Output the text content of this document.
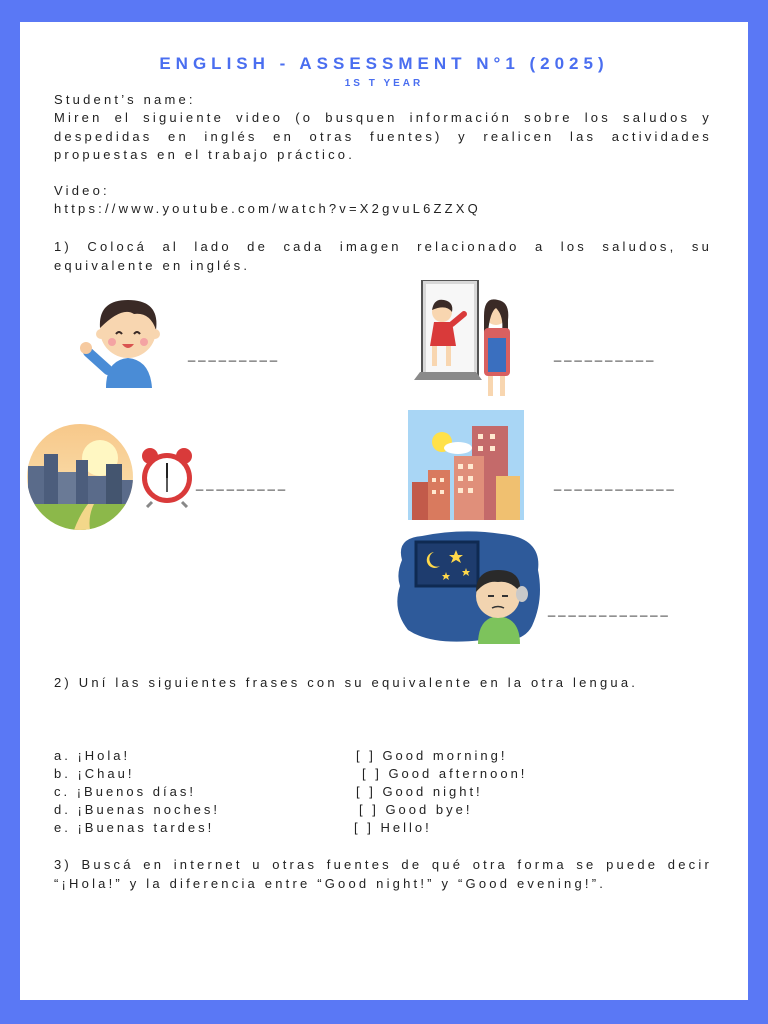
ENGLISH - ASSESSMENT N°1 (2025)
1S T YEAR
Student’s name:
Miren el siguiente video (o busquen información sobre los saludos y despedidas en inglés en otras fuentes) y realicen las actividades propuestas en el trabajo práctico.
Video:
https://www.youtube.com/watch?v=X2gvuL6ZZXQ
1) Colocá al lado de cada imagen relacionado a los saludos, su equivalente en inglés.
_________	__________
_________	____________
____________
2) Uní las siguientes frases con su equivalente en la otra lengua.
a. ¡Hola!
b. ¡Chau!
c. ¡Buenos días!
d. ¡Buenas noches!
e. ¡Buenas tardes!
[ ] Good morning!
[ ] Good afternoon!
[ ] Good night!
[ ] Good bye!
[ ] Hello!
3) Buscá en internet u otras fuentes de qué otra forma se puede decir “¡Hola!” y la diferencia entre “Good night!” y “Good evening!”.
